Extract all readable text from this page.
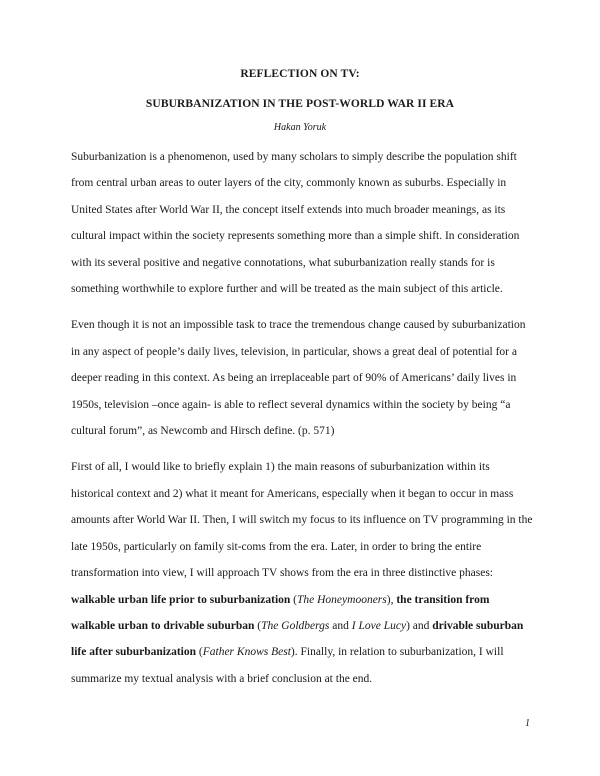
REFLECTION ON TV:
SUBURBANIZATION IN THE POST-WORLD WAR II ERA
Hakan Yoruk

Suburbanization is a phenomenon, used by many scholars to simply describe the population shift from central urban areas to outer layers of the city, commonly known as suburbs. Especially in United States after World War II, the concept itself extends into much broader meanings, as its cultural impact within the society represents something more than a simple shift. In consideration with its several positive and negative connotations, what suburbanization really stands for is something worthwhile to explore further and will be treated as the main subject of this article.

Even though it is not an impossible task to trace the tremendous change caused by suburbanization in any aspect of people’s daily lives, television, in particular, shows a great deal of potential for a deeper reading in this context. As being an irreplaceable part of 90% of Americans’ daily lives in 1950s, television –once again- is able to reflect several dynamics within the society by being “a cultural forum”, as Newcomb and Hirsch define. (p. 571)

First of all, I would like to briefly explain 1) the main reasons of suburbanization within its historical context and 2) what it meant for Americans, especially when it began to occur in mass amounts after World War II. Then, I will switch my focus to its influence on TV programming in the late 1950s, particularly on family sit-coms from the era. Later, in order to bring the entire transformation into view, I will approach TV shows from the era in three distinctive phases: walkable urban life prior to suburbanization (The Honeymooners), the transition from walkable urban to drivable suburban (The Goldbergs and I Love Lucy) and drivable suburban life after suburbanization (Father Knows Best). Finally, in relation to suburbanization, I will summarize my textual analysis with a brief conclusion at the end.

1
